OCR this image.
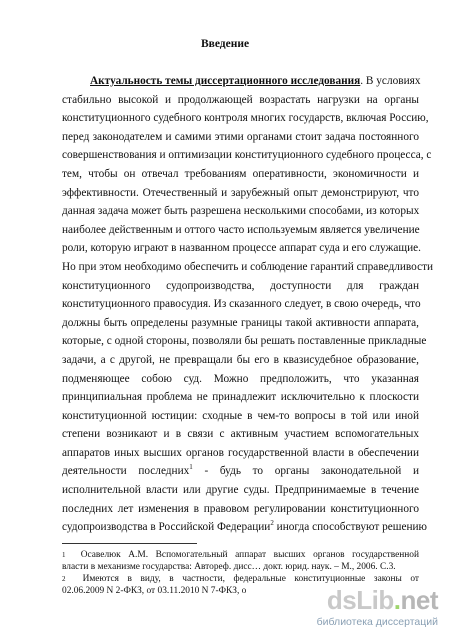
Введение
Актуальность темы диссертационного исследования. В условиях
стабильно высокой и продолжающей возрастать нагрузки на органы
конституционного судебного контроля многих государств, включая Россию,
перед законодателем и самими этими органами стоит задача постоянного
совершенствования и оптимизации конституционного судебного процесса, с
тем, чтобы он отвечал требованиям оперативности, экономичности и
эффективности. Отечественный и зарубежный опыт демонстрируют, что
данная задача может быть разрешена несколькими способами, из которых
наиболее действенным и оттого часто используемым является увеличение
роли, которую играют в названном процессе аппарат суда и его служащие.
Но при этом необходимо обеспечить и соблюдение гарантий справедливости
конституционного судопроизводства, доступности для граждан
конституционного правосудия. Из сказанного следует, в свою очередь, что
должны быть определены разумные границы такой активности аппарата,
которые, с одной стороны, позволяли бы решать поставленные прикладные
задачи, а с другой, не превращали бы его в квазисудебное образование,
подменяющее собою суд. Можно предположить, что указанная
принципиальная проблема не принадлежит исключительно к плоскости
конституционной юстиции: сходные в чем-то вопросы в той или иной
степени возникают и в связи с активным участием вспомогательных
аппаратов иных высших органов государственной власти в обеспечении
деятельности последних$^1$ - будь то органы законодательной и
исполнительной власти или другие суды. Предпринимаемые в течение
последних лет изменения в правовом регулировании конституционного
судопроизводства в Российской Федерации$^2$ иногда способствуют решению
$^1$ Осавелюк А.М. Вспомогательный аппарат высших органов государственной
власти в механизме государства: Автореф. дисс… докт. юрид. наук. – М., 2006. С.3.
$^2$ Имеются в виду, в частности, федеральные конституционные законы от
02.06.2009 N 2-ФКЗ, от 03.11.2010 N 7-ФКЗ, о	dsLib.net
библиотека диссертаций
